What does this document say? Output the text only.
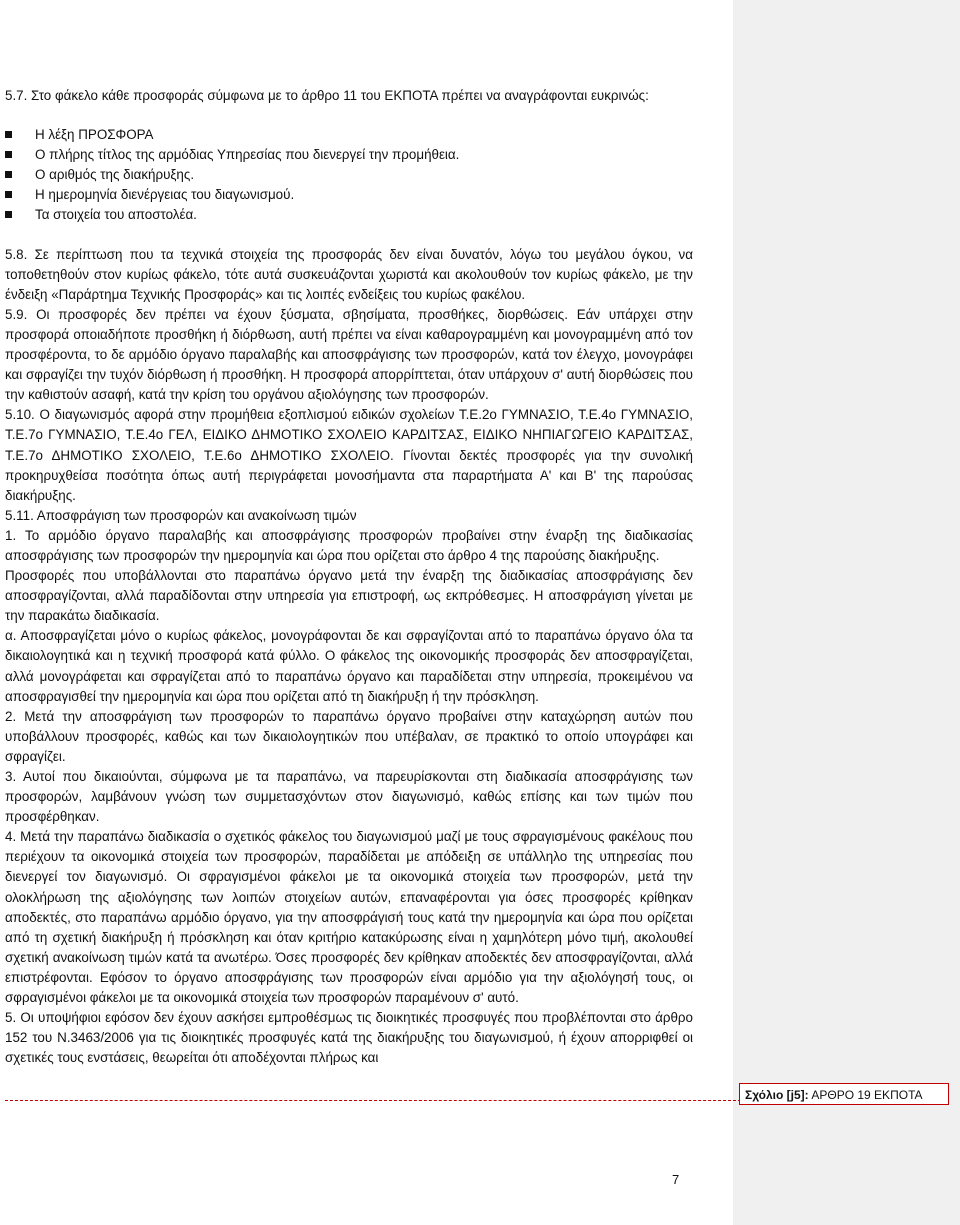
5.7. Στο φάκελο κάθε προσφοράς σύμφωνα με το άρθρο 11 του ΕΚΠΟΤΑ πρέπει να αναγράφονται ευκρινώς:

Η λέξη ΠΡΟΣΦΟΡΑ
Ο πλήρης τίτλος της αρμόδιας Υπηρεσίας που διενεργεί την προμήθεια.
Ο αριθμός της διακήρυξης.
Η ημερομηνία διενέργειας του διαγωνισμού.
Τα στοιχεία του αποστολέα.

5.8. Σε περίπτωση που τα τεχνικά στοιχεία της προσφοράς δεν είναι δυνατόν, λόγω του μεγάλου όγκου, να τοποθετηθούν στον κυρίως φάκελο, τότε αυτά συσκευάζονται χωριστά και ακολουθούν τον κυρίως φάκελο, με την ένδειξη «Παράρτημα Τεχνικής Προσφοράς» και τις λοιπές ενδείξεις του κυρίως φακέλου.

5.9. Οι προσφορές δεν πρέπει να έχουν ξύσματα, σβησίματα, προσθήκες, διορθώσεις. Εάν υπάρχει στην προσφορά οποιαδήποτε προσθήκη ή διόρθωση, αυτή πρέπει να είναι καθαρογραμμένη και μονογραμμένη από τον προσφέροντα, το δε αρμόδιο όργανο παραλαβής και αποσφράγισης των προσφορών, κατά τον έλεγχο, μονογράφει και σφραγίζει την τυχόν διόρθωση ή προσθήκη. Η προσφορά απορρίπτεται, όταν υπάρχουν σ' αυτή διορθώσεις που την καθιστούν ασαφή, κατά την κρίση του οργάνου αξιολόγησης των προσφορών.

5.10. Ο διαγωνισμός αφορά στην προμήθεια εξοπλισμού ειδικών σχολείων Τ.Ε.2ο ΓΥΜΝΑΣΙΟ, Τ.Ε.4ο ΓΥΜΝΑΣΙΟ, Τ.Ε.7ο ΓΥΜΝΑΣΙΟ, Τ.Ε.4ο ΓΕΛ, ΕΙΔΙΚΟ ΔΗΜΟΤΙΚΟ ΣΧΟΛΕΙΟ ΚΑΡΔΙΤΣΑΣ, ΕΙΔΙΚΟ ΝΗΠΙΑΓΩΓΕΙΟ ΚΑΡΔΙΤΣΑΣ, Τ.Ε.7ο ΔΗΜΟΤΙΚΟ ΣΧΟΛΕΙΟ, Τ.Ε.6ο ΔΗΜΟΤΙΚΟ ΣΧΟΛΕΙΟ. Γίνονται δεκτές προσφορές για την συνολική προκηρυχθείσα ποσότητα όπως αυτή περιγράφεται μονοσήμαντα στα παραρτήματα Α' και Β' της παρούσας διακήρυξης.

5.11. Αποσφράγιση των προσφορών και ανακοίνωση τιμών

1. Το αρμόδιο όργανο παραλαβής και αποσφράγισης προσφορών προβαίνει στην έναρξη της διαδικασίας αποσφράγισης των προσφορών την ημερομηνία και ώρα που ορίζεται στο άρθρο 4 της παρούσης διακήρυξης.

Προσφορές που υποβάλλονται στο παραπάνω όργανο μετά την έναρξη της διαδικασίας αποσφράγισης δεν αποσφραγίζονται, αλλά παραδίδονται στην υπηρεσία για επιστροφή, ως εκπρόθεσμες. Η αποσφράγιση γίνεται με την παρακάτω διαδικασία.

α. Αποσφραγίζεται μόνο ο κυρίως φάκελος, μονογράφονται δε και σφραγίζονται από το παραπάνω όργανο όλα τα δικαιολογητικά και η τεχνική προσφορά κατά φύλλο. Ο φάκελος της οικονομικής προσφοράς δεν αποσφραγίζεται, αλλά μονογράφεται και σφραγίζεται από το παραπάνω όργανο και παραδίδεται στην υπηρεσία, προκειμένου να αποσφραγισθεί την ημερομηνία και ώρα που ορίζεται από τη διακήρυξη ή την πρόσκληση.

2. Μετά την αποσφράγιση των προσφορών το παραπάνω όργανο προβαίνει στην καταχώρηση αυτών που υποβάλλουν προσφορές, καθώς και των δικαιολογητικών που υπέβαλαν, σε πρακτικό το οποίο υπογράφει και σφραγίζει.

3. Αυτοί που δικαιούνται, σύμφωνα με τα παραπάνω, να παρευρίσκονται στη διαδικασία αποσφράγισης των προσφορών, λαμβάνουν γνώση των συμμετασχόντων στον διαγωνισμό, καθώς επίσης και των τιμών που προσφέρθηκαν.

4. Μετά την παραπάνω διαδικασία ο σχετικός φάκελος του διαγωνισμού μαζί με τους σφραγισμένους φακέλους που περιέχουν τα οικονομικά στοιχεία των προσφορών, παραδίδεται με απόδειξη σε υπάλληλο της υπηρεσίας που διενεργεί τον διαγωνισμό. Οι σφραγισμένοι φάκελοι με τα οικονομικά στοιχεία των προσφορών, μετά την ολοκλήρωση της αξιολόγησης των λοιπών στοιχείων αυτών, επαναφέρονται για όσες προσφορές κρίθηκαν αποδεκτές, στο παραπάνω αρμόδιο όργανο, για την αποσφράγισή τους κατά την ημερομηνία και ώρα που ορίζεται από τη σχετική διακήρυξη ή πρόσκληση και όταν κριτήριο κατακύρωσης είναι η χαμηλότερη μόνο τιμή, ακολουθεί σχετική ανακοίνωση τιμών κατά τα ανωτέρω. Όσες προσφορές δεν κρίθηκαν αποδεκτές δεν αποσφραγίζονται, αλλά επιστρέφονται. Εφόσον το όργανο αποσφράγισης των προσφορών είναι αρμόδιο για την αξιολόγησή τους, οι σφραγισμένοι φάκελοι με τα οικονομικά στοιχεία των προσφορών παραμένουν σ' αυτό.

5. Οι υποψήφιοι εφόσον δεν έχουν ασκήσει εμπροθέσμως τις διοικητικές προσφυγές που προβλέπονται στο άρθρο 152 του Ν.3463/2006 για τις διοικητικές προσφυγές κατά της διακήρυξης του διαγωνισμού, ή έχουν απορριφθεί οι σχετικές τους ενστάσεις, θεωρείται ότι αποδέχονται πλήρως και

Σχόλιο [j5]: ΑΡΘΡΟ 19 ΕΚΠΟΤΑ
7
